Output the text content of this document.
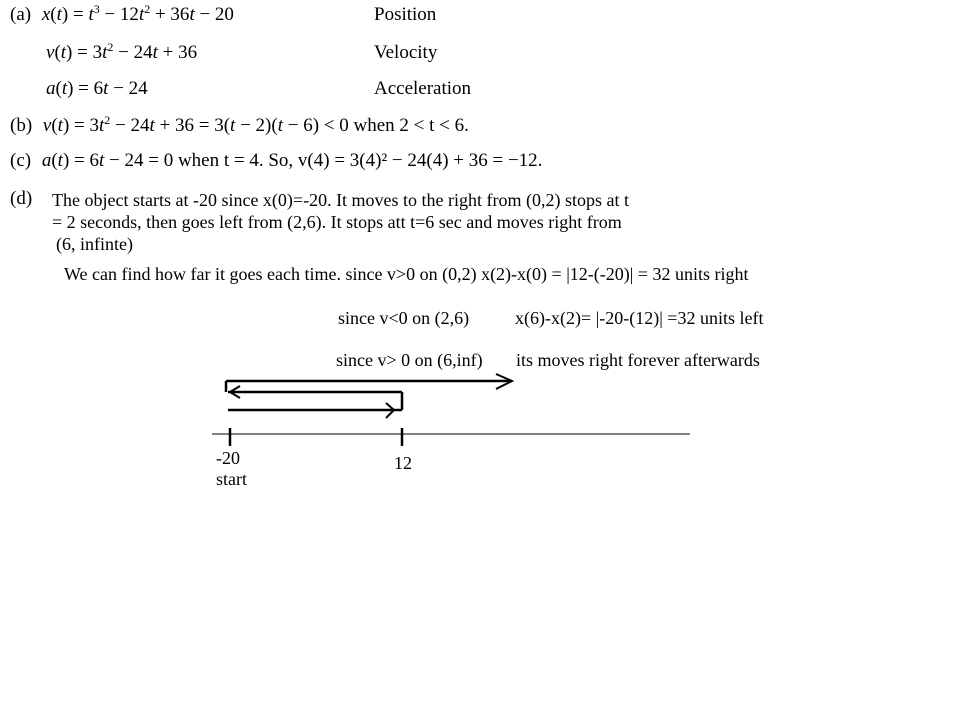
(a) $x(t) = t^3 - 12t^2 + 36t - 20$	Position
$v(t) = 3t^2 - 24t + 36$	Velocity
a(t) = 6t − 24	Acceleration
(b) $v(t) = 3t^2 - 24t + 36 = 3(t - 2)(t - 6) < 0$ when 2 < t < 6.
(c) a(t) = 6t − 24 = 0 when t = 4. So, v(4) = 3(4)² − 24(4) + 36 = −12.
(d) The object starts at -20 since x(0)=-20. It moves to the right from (0,2) stops at t
= 2 seconds, then goes left from (2,6). It stops att t=6 sec and moves right from
(6, infinte)
We can find how far it goes each time. since v>0 on (0,2) x(2)-x(0) = |12-(-20)| = 32 units right
since v<0 on (2,6)	x(6)-x(2)= |-20-(12)| =32 units left
since v> 0 on (6,inf) its moves right forever afterwards
-20
start
12
